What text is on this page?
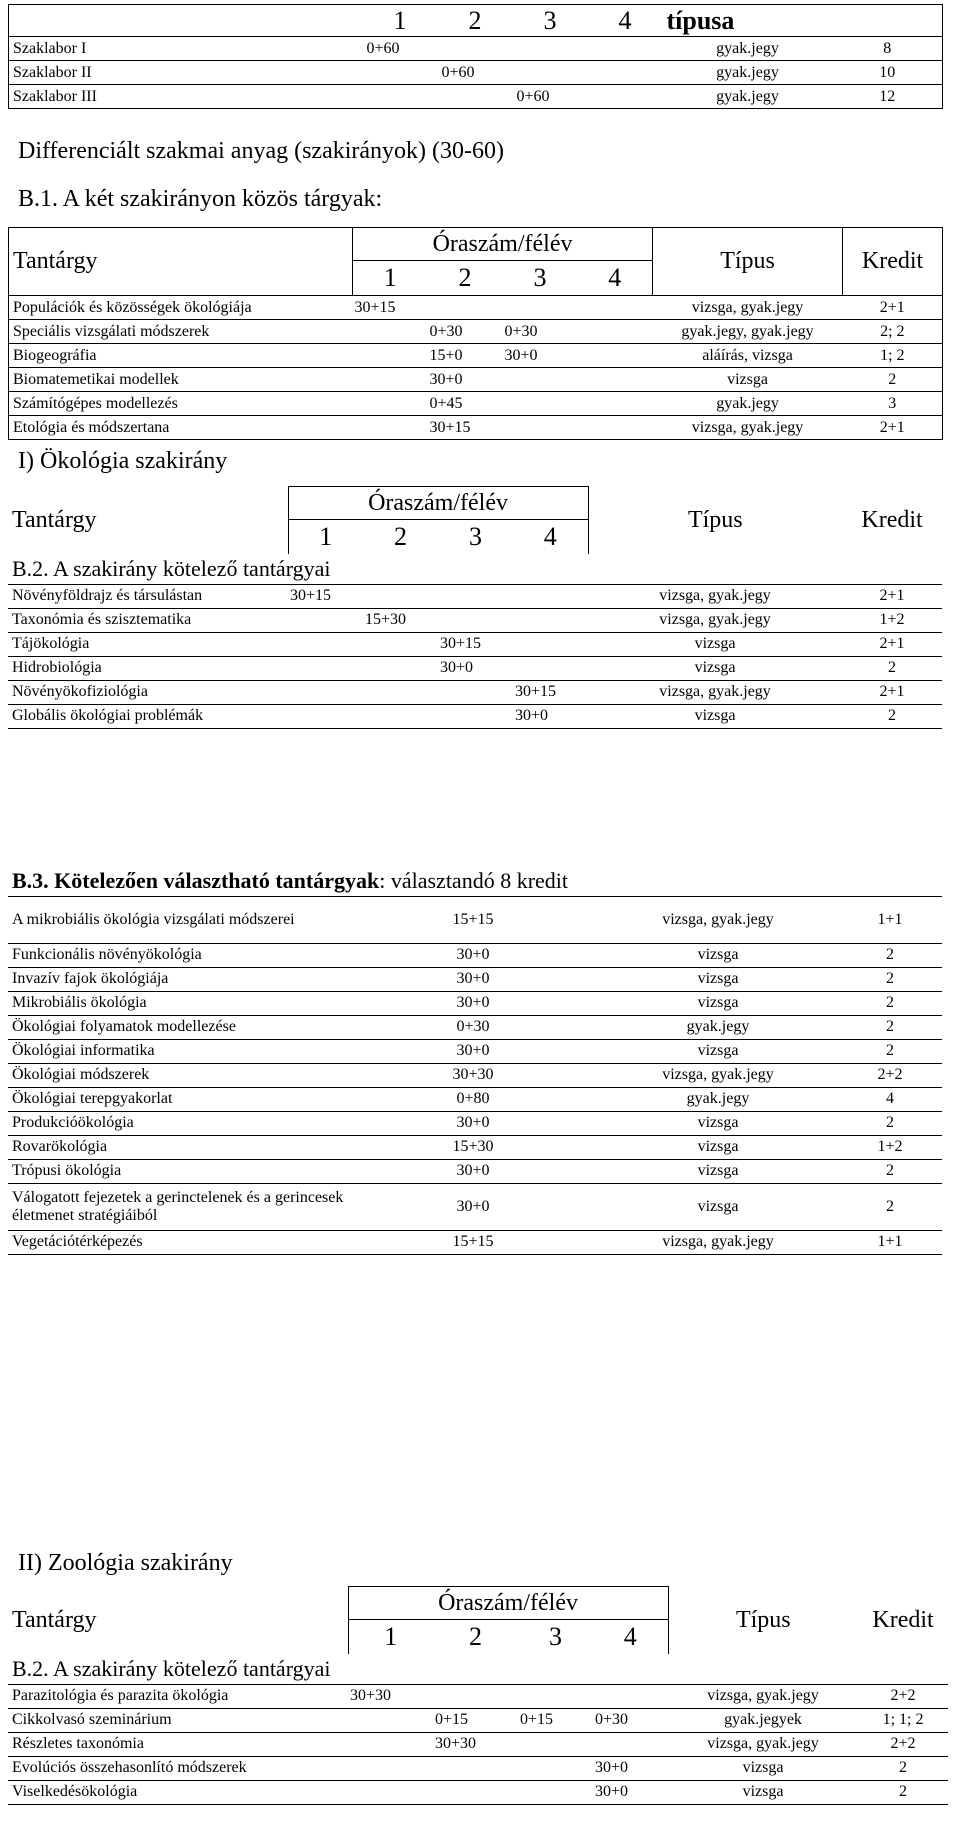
	1	2	3	4	típusa	
Szaklabor I	0+60				gyak.jegy	8
Szaklabor II		0+60			gyak.jegy	10
Szaklabor III			0+60		gyak.jegy	12
Differenciált szakmai anyag (szakirányok) (30-60)
B.1. A két szakirányon közös tárgyak:
Tantárgy	Óraszám/félév				Típus	Kredit
	1	2	3	4		
Populációk és közösségek ökológiája	30+15				vizsga, gyak.jegy	2+1
Speciális vizsgálati módszerek		0+30	0+30		gyak.jegy, gyak.jegy	2; 2
Biogeográfia		15+0	30+0		aláírás, vizsga	1; 2
Biomatemetikai modellek		30+0			vizsga	2
Számítógépes modellezés		0+45			gyak.jegy	3
Etológia és módszertana		30+15			vizsga, gyak.jegy	2+1
I) Ökológia szakirány
Tantárgy	Óraszám/félév				Típus	Kredit
	1	2	3	4		
B.2. A szakirány kötelező tantárgyai						
Növényföldrajz és társulástan	30+15				vizsga, gyak.jegy	2+1
Taxonómia és szisztematika		15+30			vizsga, gyak.jegy	1+2
Tájökológia			30+15		vizsga	2+1
Hidrobiológia			30+0		vizsga	2
Növényökofiziológia				30+15	vizsga, gyak.jegy	2+1
Globális ökológiai problémák				30+0	vizsga	2
B.3. Kötelezően választható tantárgyak: választandó 8 kredit			
A mikrobiális ökológia vizsgálati módszerei	15+15	vizsga, gyak.jegy	1+1
Funkcionális növényökológia	30+0	vizsga	2
Invazív fajok ökológiája	30+0	vizsga	2
Mikrobiális ökológia	30+0	vizsga	2
Ökológiai folyamatok modellezése	0+30	gyak.jegy	2
Ökológiai informatika	30+0	vizsga	2
Ökológiai módszerek	30+30	vizsga, gyak.jegy	2+2
Ökológiai terepgyakorlat	0+80	gyak.jegy	4
Produkcióökológia	30+0	vizsga	2
Rovarökológia	15+30	vizsga	1+2
Trópusi ökológia	30+0	vizsga	2
Válogatott fejezetek a gerinctelenek és a gerincesek életmenet stratégiáiból	30+0	vizsga	2
Vegetációtérképezés	15+15	vizsga, gyak.jegy	1+1
II) Zoológia szakirány
Tantárgy	Óraszám/félév				Típus	Kredit
	1	2	3	4		
B.2. A szakirány kötelező tantárgyai						
Parazitológia és parazita ökológia	30+30				vizsga, gyak.jegy	2+2
Cikkolvasó szeminárium		0+15	0+15	0+30	gyak.jegyek	1; 1; 2
Részletes taxonómia		30+30			vizsga, gyak.jegy	2+2
Evolúciós összehasonlító módszerek				30+0	vizsga	2
Viselkedésökológia				30+0	vizsga	2
